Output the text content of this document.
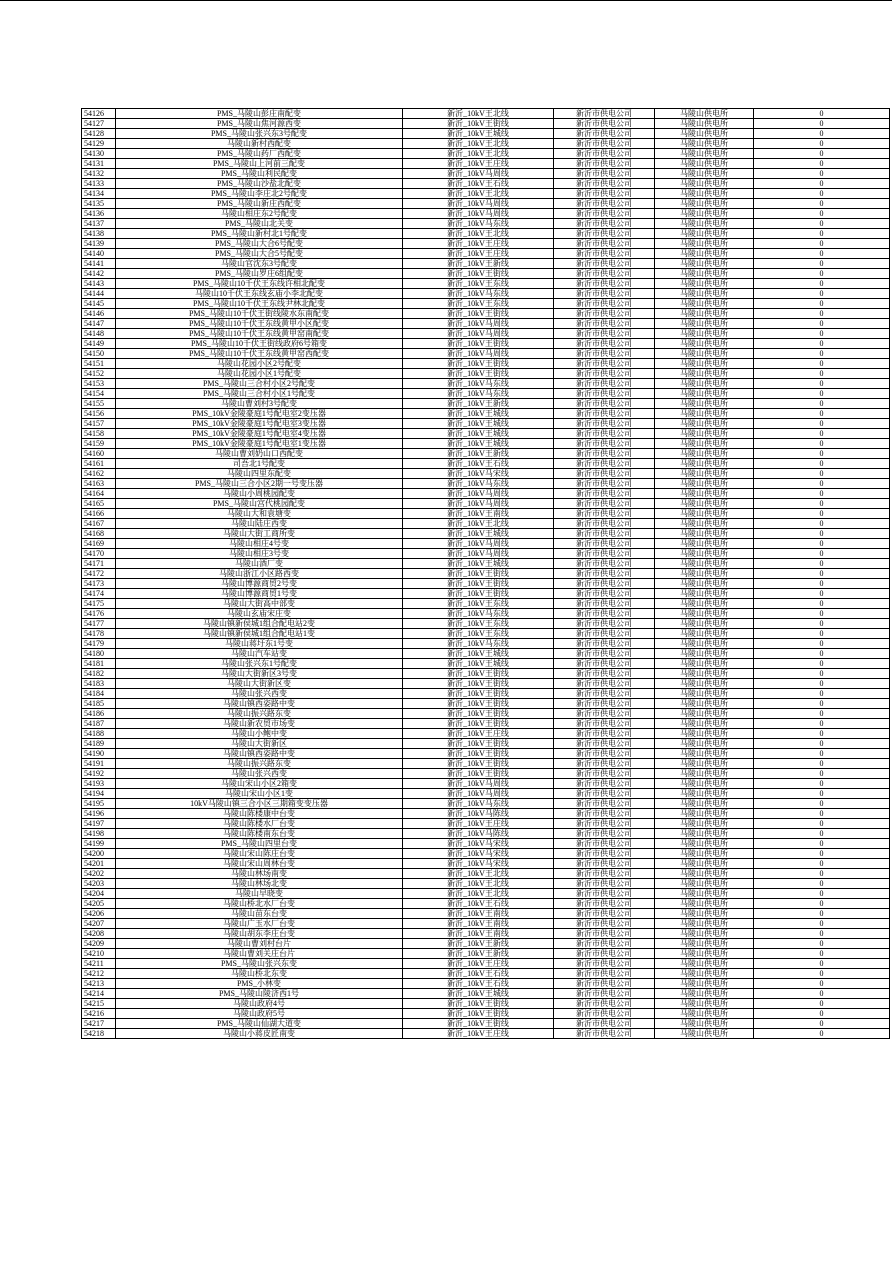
54126	PMS_马陵山彭庄南配变	新沂_10kV王北线	新沂市供电公司	马陵山供电所	0
54127	PMS_马陵山焦河源西变	新沂_10kV王街线	新沂市供电公司	马陵山供电所	0
54128	PMS_马陵山张兴东3号配变	新沂_10kV王城线	新沂市供电公司	马陵山供电所	0
54129	马陵山新村西配变	新沂_10kV王北线	新沂市供电公司	马陵山供电所	0
54130	PMS_马陵山药厂西配变	新沂_10kV王北线	新沂市供电公司	马陵山供电所	0
54131	PMS_马陵山上河前三配变	新沂_10kV王庄线	新沂市供电公司	马陵山供电所	0
54132	PMS_马陵山利民配变	新沂_10kV马周线	新沂市供电公司	马陵山供电所	0
54133	PMS_马陵山沙盐北配变	新沂_10kV王石线	新沂市供电公司	马陵山供电所	0
54134	PMS_马陵山李庄北2号配变	新沂_10kV王北线	新沂市供电公司	马陵山供电所	0
54135	PMS_马陵山新庄西配变	新沂_10kV马周线	新沂市供电公司	马陵山供电所	0
54136	马陵山相庄东2号配变	新沂_10kV马周线	新沂市供电公司	马陵山供电所	0
54137	PMS_马陵山北关变	新沂_10kV马东线	新沂市供电公司	马陵山供电所	0
54138	PMS_马陵山新村北1号配变	新沂_10kV王北线	新沂市供电公司	马陵山供电所	0
54139	PMS_马陵山大合6号配变	新沂_10kV王庄线	新沂市供电公司	马陵山供电所	0
54140	PMS_马陵山大合5号配变	新沂_10kV王庄线	新沂市供电公司	马陵山供电所	0
54141	马陵山官沈东3号配变	新沂_10kV王新线	新沂市供电公司	马陵山供电所	0
54142	PMS_马陵山罗庄6组配变	新沂_10kV王街线	新沂市供电公司	马陵山供电所	0
54143	PMS_马陵山10千伏王东线许相北配变	新沂_10kV王东线	新沂市供电公司	马陵山供电所	0
54144	马陵山10千伏王东线玄庙小李北配变	新沂_10kV马东线	新沂市供电公司	马陵山供电所	0
54145	PMS_马陵山10千伏王东线尹林北配变	新沂_10kV王东线	新沂市供电公司	马陵山供电所	0
54146	PMS_马陵山10千伏王街线陵水东南配变	新沂_10kV王街线	新沂市供电公司	马陵山供电所	0
54147	PMS_马陵山10千伏王东线黄甲小区配变	新沂_10kV马周线	新沂市供电公司	马陵山供电所	0
54148	PMS_马陵山10千伏王东线黄甲窑南配变	新沂_10kV马周线	新沂市供电公司	马陵山供电所	0
54149	PMS_马陵山10千伏王街线政府6号箱变	新沂_10kV王街线	新沂市供电公司	马陵山供电所	0
54150	PMS_马陵山10千伏王东线黄甲窑西配变	新沂_10kV马周线	新沂市供电公司	马陵山供电所	0
54151	马陵山花园小区2号配变	新沂_10kV王街线	新沂市供电公司	马陵山供电所	0
54152	马陵山花园小区1号配变	新沂_10kV王街线	新沂市供电公司	马陵山供电所	0
54153	PMS_马陵山三合村小区2号配变	新沂_10kV马东线	新沂市供电公司	马陵山供电所	0
54154	PMS_马陵山三合村小区1号配变	新沂_10kV马东线	新沂市供电公司	马陵山供电所	0
54155	马陵山曹刘村3号配变	新沂_10kV王新线	新沂市供电公司	马陵山供电所	0
54156	PMS_10kV金陵豪庭1号配电室2变压器	新沂_10kV王城线	新沂市供电公司	马陵山供电所	0
54157	PMS_10kV金陵豪庭1号配电室3变压器	新沂_10kV王城线	新沂市供电公司	马陵山供电所	0
54158	PMS_10kV金陵豪庭1号配电室4变压器	新沂_10kV王城线	新沂市供电公司	马陵山供电所	0
54159	PMS_10kV金陵豪庭1号配电室1变压器	新沂_10kV王城线	新沂市供电公司	马陵山供电所	0
54160	马陵山曹刘奶山口西配变	新沂_10kV王新线	新沂市供电公司	马陵山供电所	0
54161	司吾北1号配变	新沂_10kV王石线	新沂市供电公司	马陵山供电所	0
54162	马陵山四里东配变	新沂_10kV马宋线	新沂市供电公司	马陵山供电所	0
54163	PMS_马陵山三合小区2期一号变压器	新沂_10kV马东线	新沂市供电公司	马陵山供电所	0
54164	马陵山小周桃园配变	新沂_10kV马周线	新沂市供电公司	马陵山供电所	0
54165	PMS_马陵山宫代桃园配变	新沂_10kV马周线	新沂市供电公司	马陵山供电所	0
54166	马陵山大和袁塘变	新沂_10kV王南线	新沂市供电公司	马陵山供电所	0
54167	马陵山陆庄西变	新沂_10kV王北线	新沂市供电公司	马陵山供电所	0
54168	马陵山大街工商所变	新沂_10kV王城线	新沂市供电公司	马陵山供电所	0
54169	马陵山相庄4号变	新沂_10kV马周线	新沂市供电公司	马陵山供电所	0
54170	马陵山相庄3号变	新沂_10kV马周线	新沂市供电公司	马陵山供电所	0
54171	马陵山酒厂变	新沂_10kV王城线	新沂市供电公司	马陵山供电所	0
54172	马陵山浙江小区路西变	新沂_10kV王街线	新沂市供电公司	马陵山供电所	0
54173	马陵山博源商贸2号变	新沂_10kV王街线	新沂市供电公司	马陵山供电所	0
54174	马陵山博源商贸1号变	新沂_10kV王街线	新沂市供电公司	马陵山供电所	0
54175	马陵山大街高中部变	新沂_10kV王东线	新沂市供电公司	马陵山供电所	0
54176	马陵山玄庙宋庄变	新沂_10kV马东线	新沂市供电公司	马陵山供电所	0
54177	马陵山镇新侯城1组合配电站2变	新沂_10kV王东线	新沂市供电公司	马陵山供电所	0
54178	马陵山镇新侯城1组合配电站1变	新沂_10kV王东线	新沂市供电公司	马陵山供电所	0
54179	马陵山蒋圩东1号变	新沂_10kV马东线	新沂市供电公司	马陵山供电所	0
54180	马陵山汽车站变	新沂_10kV王城线	新沂市供电公司	马陵山供电所	0
54181	马陵山张兴东1号配变	新沂_10kV王城线	新沂市供电公司	马陵山供电所	0
54182	马陵山大街新区3号变	新沂_10kV王街线	新沂市供电公司	马陵山供电所	0
54183	马陵山大街新区变	新沂_10kV王街线	新沂市供电公司	马陵山供电所	0
54184	马陵山张兴西变	新沂_10kV王街线	新沂市供电公司	马陵山供电所	0
54185	马陵山镇西姿路中变	新沂_10kV王街线	新沂市供电公司	马陵山供电所	0
54186	马陵山振兴路东变	新沂_10kV王街线	新沂市供电公司	马陵山供电所	0
54187	马陵山新农贸市场变	新沂_10kV王街线	新沂市供电公司	马陵山供电所	0
54188	马陵山小鲍中变	新沂_10kV王庄线	新沂市供电公司	马陵山供电所	0
54189	马陵山大街新区	新沂_10kV王街线	新沂市供电公司	马陵山供电所	0
54190	马陵山镇西姿路中变	新沂_10kV王街线	新沂市供电公司	马陵山供电所	0
54191	马陵山振兴路东变	新沂_10kV王街线	新沂市供电公司	马陵山供电所	0
54192	马陵山张兴西变	新沂_10kV王街线	新沂市供电公司	马陵山供电所	0
54193	马陵山宋山小区2箱变	新沂_10kV马周线	新沂市供电公司	马陵山供电所	0
54194	马陵山宋山小区1变	新沂_10kV马周线	新沂市供电公司	马陵山供电所	0
54195	10kV马陵山镇三合小区三期箱变变压器	新沂_10kV马东线	新沂市供电公司	马陵山供电所	0
54196	马陵山陈楼康中台变	新沂_10kV马陈线	新沂市供电公司	马陵山供电所	0
54197	马陵山陈楼水厂台变	新沂_10kV王庄线	新沂市供电公司	马陵山供电所	0
54198	马陵山陈楼南东台变	新沂_10kV马陈线	新沂市供电公司	马陵山供电所	0
54199	PMS_马陵山四里台变	新沂_10kV马宋线	新沂市供电公司	马陵山供电所	0
54200	马陵山宋山陈庄台变	新沂_10kV马宋线	新沂市供电公司	马陵山供电所	0
54201	马陵山宋山周林台变	新沂_10kV马宋线	新沂市供电公司	马陵山供电所	0
54202	马陵山林场南变	新沂_10kV王北线	新沂市供电公司	马陵山供电所	0
54203	马陵山林场北变	新沂_10kV王北线	新沂市供电公司	马陵山供电所	0
54204	马陵山早晓变	新沂_10kV王北线	新沂市供电公司	马陵山供电所	0
54205	马陵山桥北水厂台变	新沂_10kV王石线	新沂市供电公司	马陵山供电所	0
54206	马陵山苗东台变	新沂_10kV王南线	新沂市供电公司	马陵山供电所	0
54207	马陵山广玉水厂台变	新沂_10kV王南线	新沂市供电公司	马陵山供电所	0
54208	马陵山胡东李庄台变	新沂_10kV王南线	新沂市供电公司	马陵山供电所	0
54209	马陵山曹刘村台片	新沂_10kV王新线	新沂市供电公司	马陵山供电所	0
54210	马陵山曹刘关庄台片	新沂_10kV王新线	新沂市供电公司	马陵山供电所	0
54211	PMS_马陵山张兴东变	新沂_10kV王庄线	新沂市供电公司	马陵山供电所	0
54212	马陵山桥北东变	新沂_10kV王石线	新沂市供电公司	马陵山供电所	0
54213	PMS_小林变	新沂_10kV王石线	新沂市供电公司	马陵山供电所	0
54214	PMS_马陵山陵济西1号	新沂_10kV王城线	新沂市供电公司	马陵山供电所	0
54215	马陵山政府4号	新沂_10kV王街线	新沂市供电公司	马陵山供电所	0
54216	马陵山政府5号	新沂_10kV王街线	新沂市供电公司	马陵山供电所	0
54217	PMS_马陵山仙湖大道变	新沂_10kV王街线	新沂市供电公司	马陵山供电所	0
54218	马陵山小蒋皮匠南变	新沂_10kV王庄线	新沂市供电公司	马陵山供电所	0
